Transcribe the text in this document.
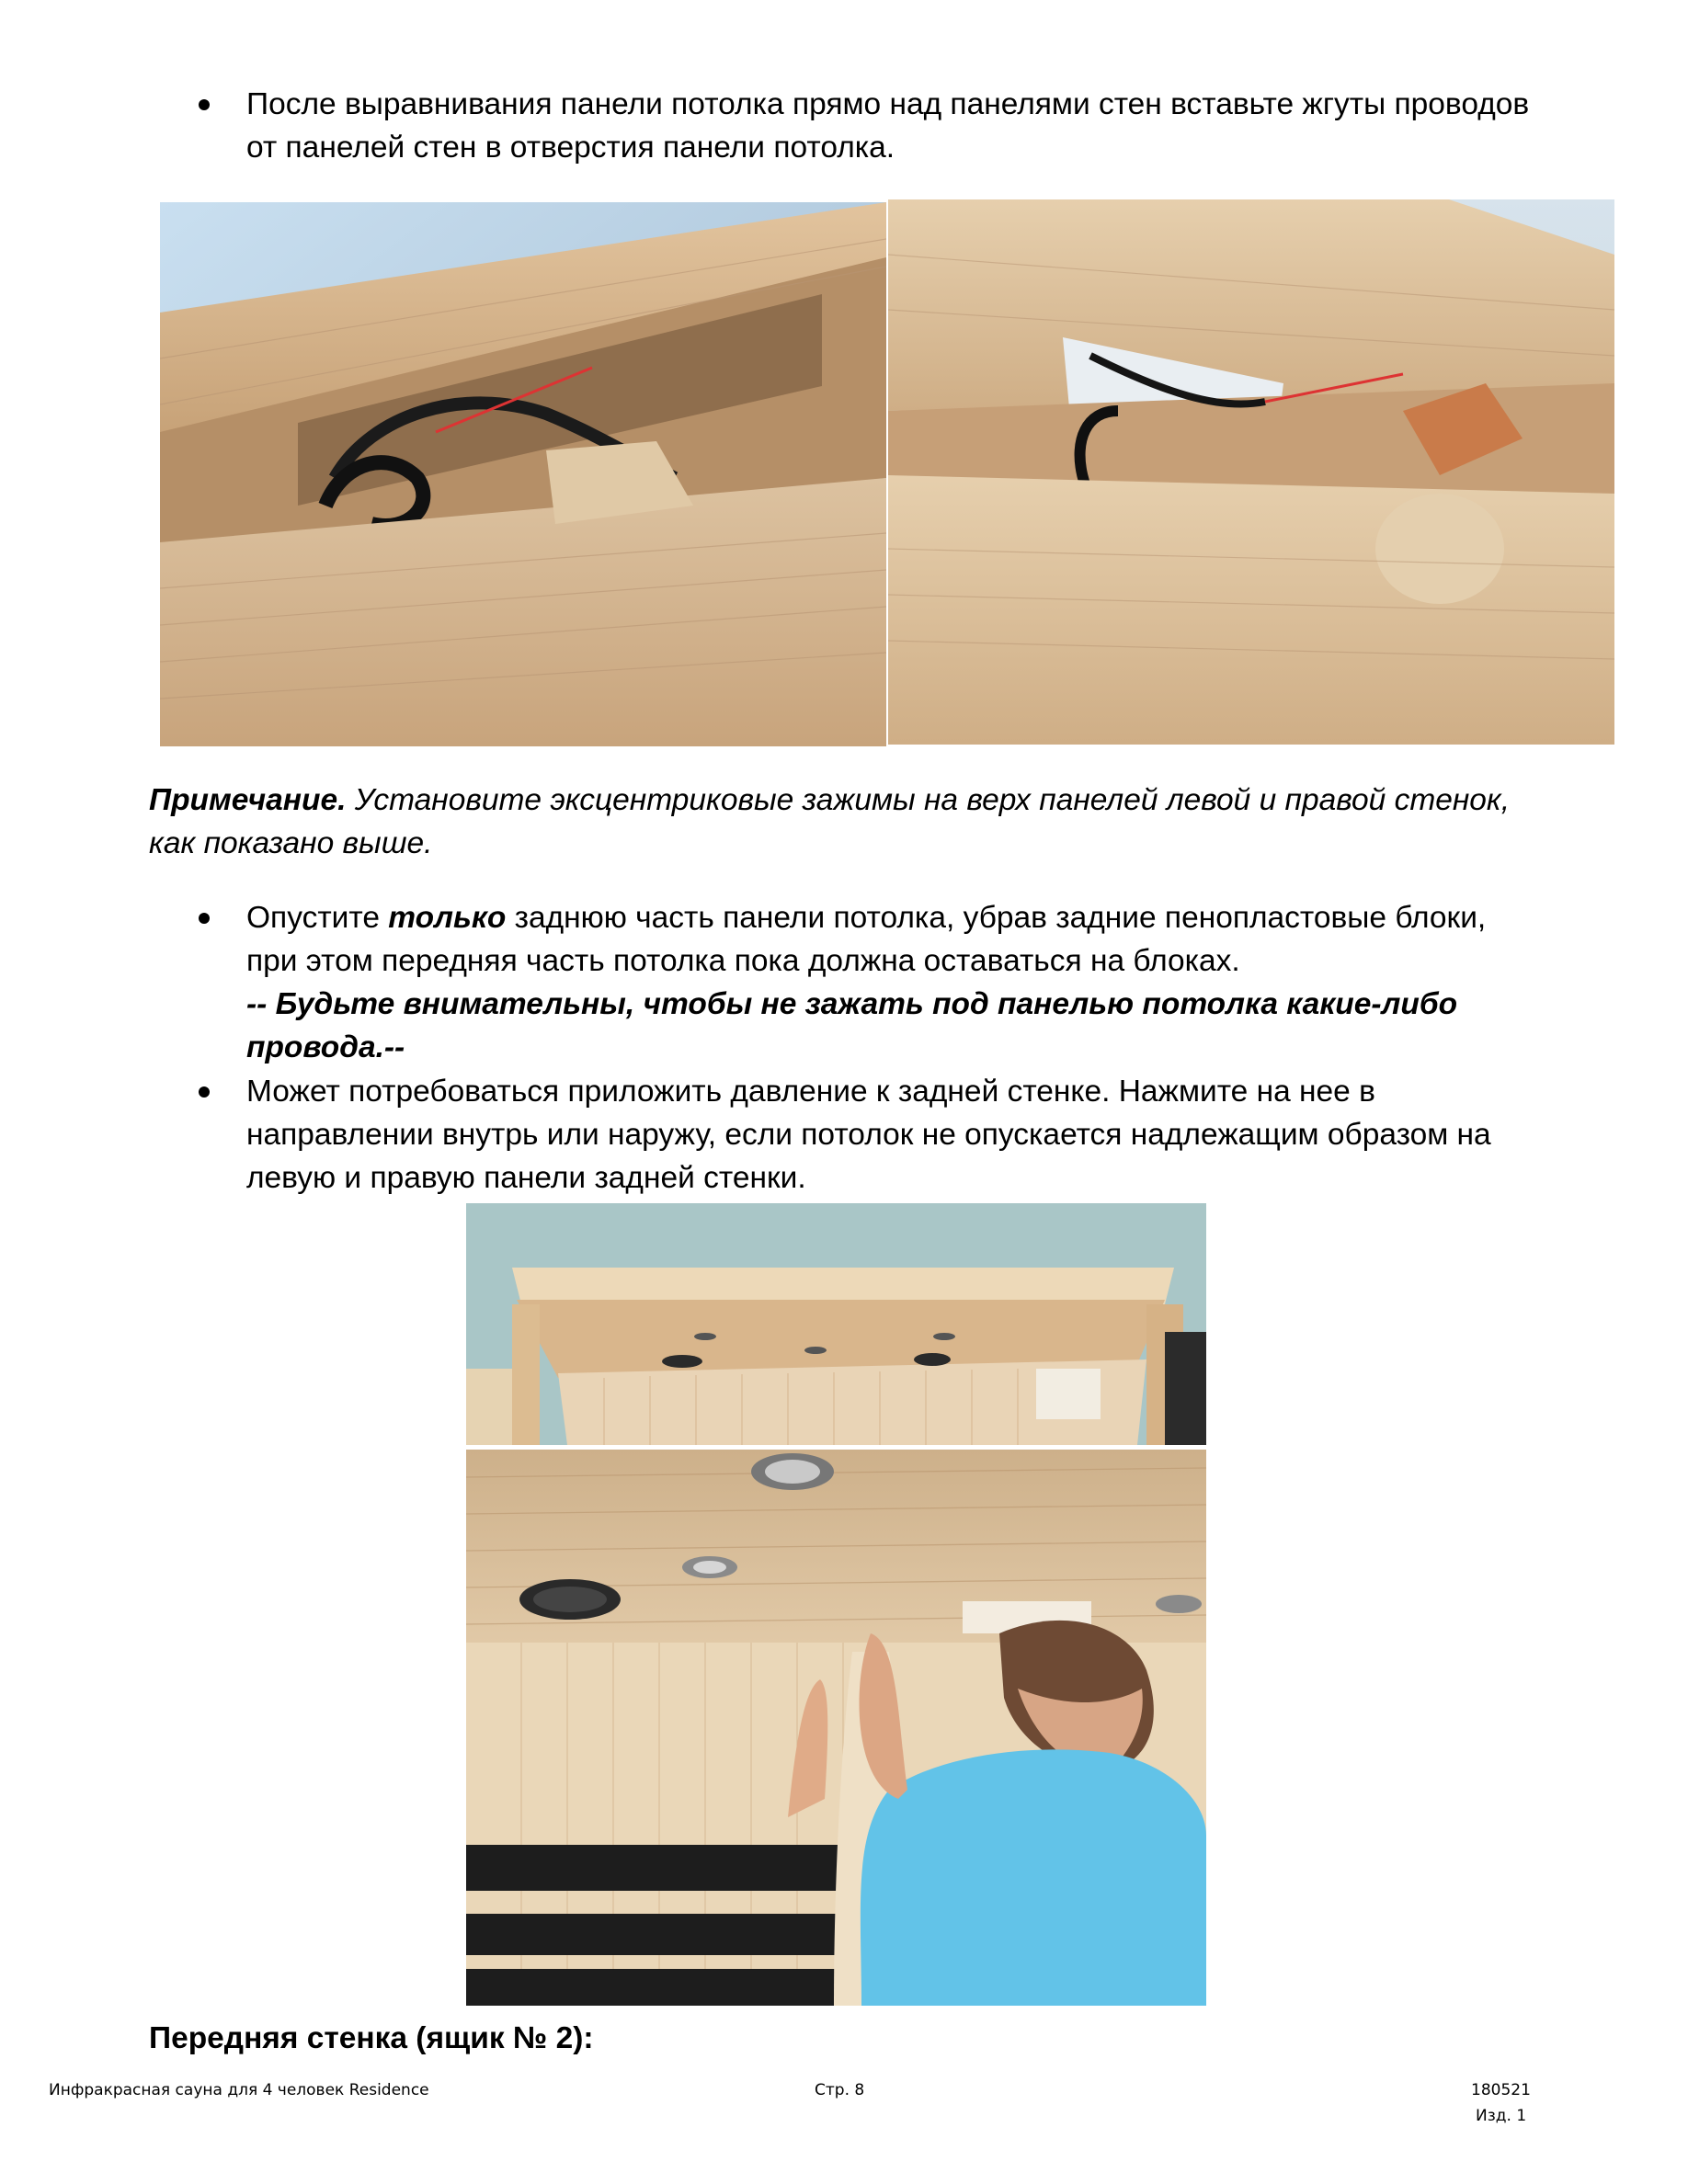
После выравнивания панели потолка прямо над панелями стен вставьте жгуты проводов
от панелей стен в отверстия панели потолка.
Примечание. Установите эксцентриковые зажимы на верх панелей левой и правой стенок,
как показано выше.
Опустите только заднюю часть панели потолка, убрав задние пенопластовые блоки,
при этом передняя часть потолка пока должна оставаться на блоках.
-- Будьте внимательны, чтобы не зажать под панелью потолка какие-либо
провода.--
Может потребоваться приложить давление к задней стенке. Нажмите на нее в
направлении внутрь или наружу, если потолок не опускается надлежащим образом на
левую и правую панели задней стенки.
Передняя стенка (ящик № 2):
Инфракрасная сауна для 4 человек Residence	Стр. 8	180521
Изд. 1
